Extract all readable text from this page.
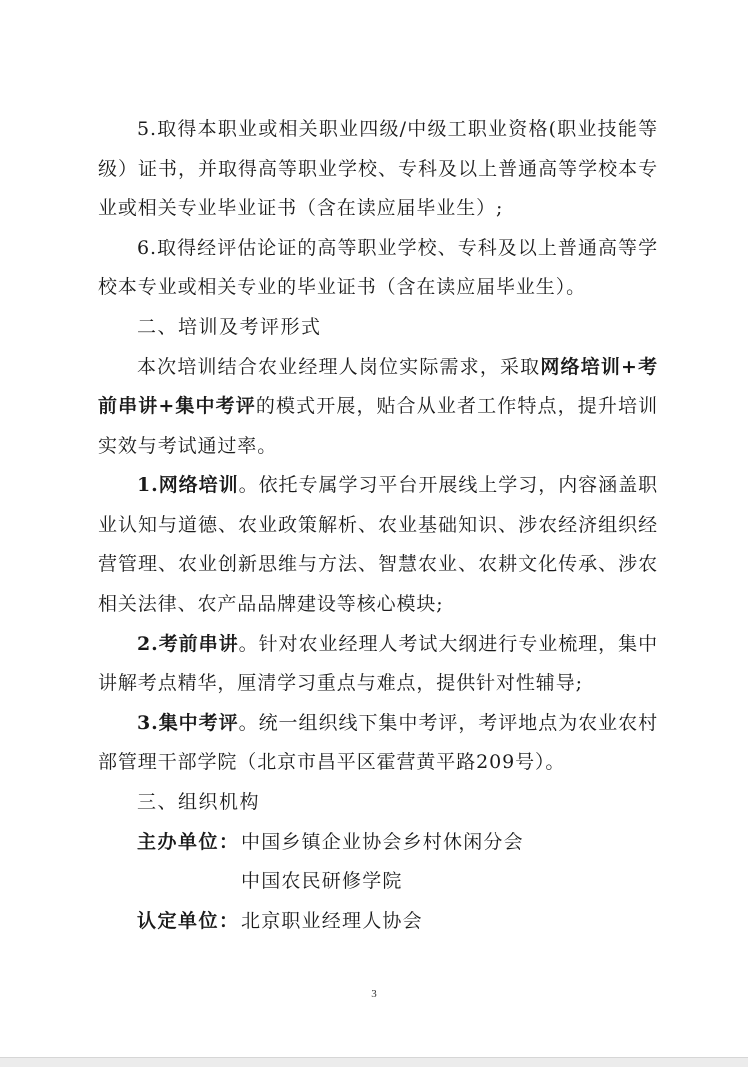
5.取得本职业或相关职业四级/中级工职业资格(职业技能等
级）证书，并取得高等职业学校、专科及以上普通高等学校本专
业或相关专业毕业证书（含在读应届毕业生）;
6.取得经评估论证的高等职业学校、专科及以上普通高等学
校本专业或相关专业的毕业证书（含在读应届毕业生）。
二、培训及考评形式
本次培训结合农业经理人岗位实际需求，采取网络培训+考
前串讲+集中考评的模式开展，贴合从业者工作特点，提升培训
实效与考试通过率。
1.网络培训。依托专属学习平台开展线上学习，内容涵盖职
业认知与道德、农业政策解析、农业基础知识、涉农经济组织经
营管理、农业创新思维与方法、智慧农业、农耕文化传承、涉农
相关法律、农产品品牌建设等核心模块;
2.考前串讲。针对农业经理人考试大纲进行专业梳理，集中
讲解考点精华，厘清学习重点与难点，提供针对性辅导;
3.集中考评。统一组织线下集中考评，考评地点为农业农村
部管理干部学院（北京市昌平区霍营黄平路209号）。
三、组织机构
主办单位： 中国乡镇企业协会乡村休闲分会
中国农民研修学院
认定单位： 北京职业经理人协会
3
